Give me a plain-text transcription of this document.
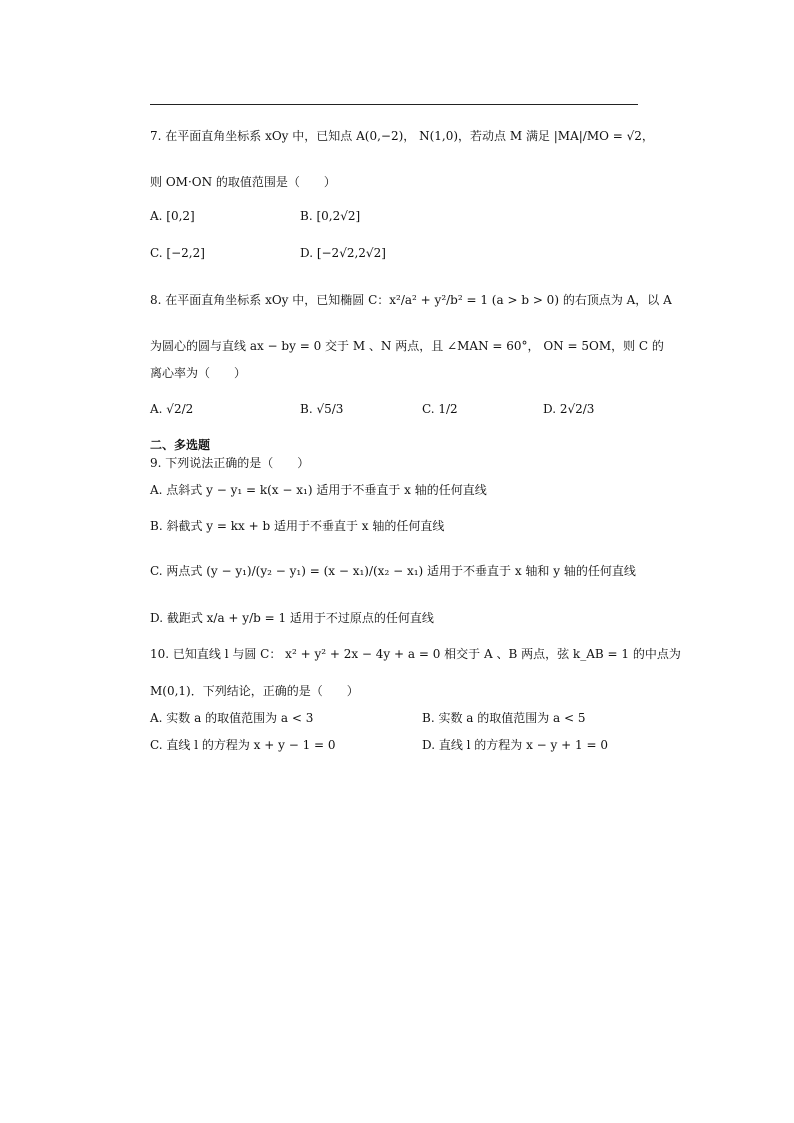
7. 在平面直角坐标系 xOy 中，已知点 A(0,−2)， N(1,0)，若动点 M 满足 |MA|/MO = √2，
则 OM·ON 的取值范围是（　　）
A. [0,2]	B. [0,2√2]
C. [−2,2]	D. [−2√2,2√2]
8. 在平面直角坐标系 xOy 中，已知椭圆 C：x²/a² + y²/b² = 1 (a > b > 0) 的右顶点为 A，以 A
为圆心的圆与直线 ax − by = 0 交于 M 、N 两点，且 ∠MAN = 60°， ON = 5OM，则 C 的
离心率为（　　）
A. √2/2	B. √5/3	C. 1/2	D. 2√2/3
二、多选题
9. 下列说法正确的是（　　）
A. 点斜式 y − y₁ = k(x − x₁) 适用于不垂直于 x 轴的任何直线
B. 斜截式 y = kx + b 适用于不垂直于 x 轴的任何直线
C. 两点式 (y − y₁)/(y₂ − y₁) = (x − x₁)/(x₂ − x₁) 适用于不垂直于 x 轴和 y 轴的任何直线
D. 截距式 x/a + y/b = 1 适用于不过原点的任何直线
10. 已知直线 l 与圆 C： x² + y² + 2x − 4y + a = 0 相交于 A 、B 两点，弦 k_AB = 1 的中点为
M(0,1)．下列结论，正确的是（　　）
A. 实数 a 的取值范围为 a < 3	B. 实数 a 的取值范围为 a < 5
C. 直线 l 的方程为 x + y − 1 = 0	D. 直线 l 的方程为 x − y + 1 = 0
